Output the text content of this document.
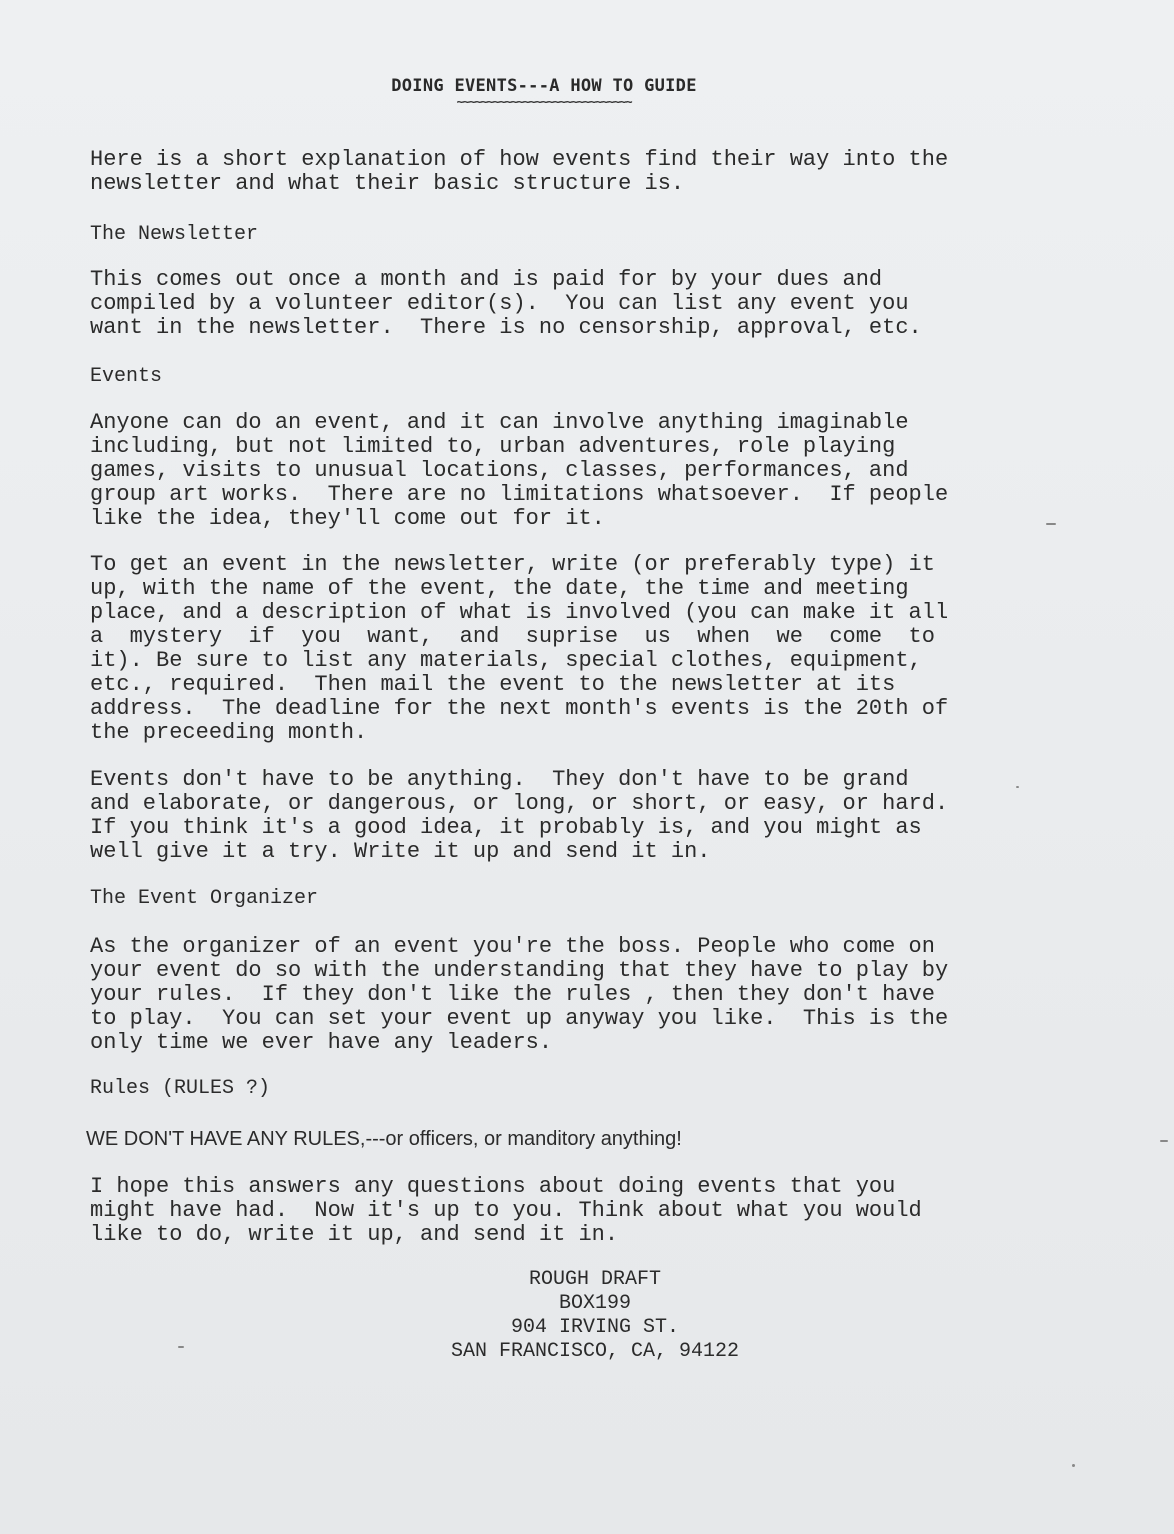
DOING EVENTS---A HOW TO GUIDE
~~~~~~~~~~~~~~~~~~~~~~~~~~~~~

Here is a short explanation of how events find their way into the
newsletter and what their basic structure is.

The Newsletter

This comes out once a month and is paid for by your dues and
compiled by a volunteer editor(s).  You can list any event you
want in the newsletter.  There is no censorship, approval, etc.

Events

Anyone can do an event, and it can involve anything imaginable
including, but not limited to, urban adventures, role playing
games, visits to unusual locations, classes, performances, and
group art works.  There are no limitations whatsoever.  If people
like the idea, they'll come out for it.

To get an event in the newsletter, write (or preferably type) it
up, with the name of the event, the date, the time and meeting
place, and a description of what is involved (you can make it all
a  mystery  if  you  want,  and  suprise  us  when  we  come  to
it). Be sure to list any materials, special clothes, equipment,
etc., required.  Then mail the event to the newsletter at its
address.  The deadline for the next month's events is the 20th of
the preceeding month.

Events don't have to be anything.  They don't have to be grand
and elaborate, or dangerous, or long, or short, or easy, or hard.
If you think it's a good idea, it probably is, and you might as
well give it a try. Write it up and send it in.

The Event Organizer

As the organizer of an event you're the boss. People who come on
your event do so with the understanding that they have to play by
your rules.  If they don't like the rules , then they don't have
to play.  You can set your event up anyway you like.  This is the
only time we ever have any leaders.

Rules (RULES ?)

WE DON'T HAVE ANY RULES,---or officers, or manditory anything!

I hope this answers any questions about doing events that you
might have had.  Now it's up to you. Think about what you would
like to do, write it up, and send it in.

ROUGH DRAFT
BOX199
904 IRVING ST.
SAN FRANCISCO, CA, 94122
